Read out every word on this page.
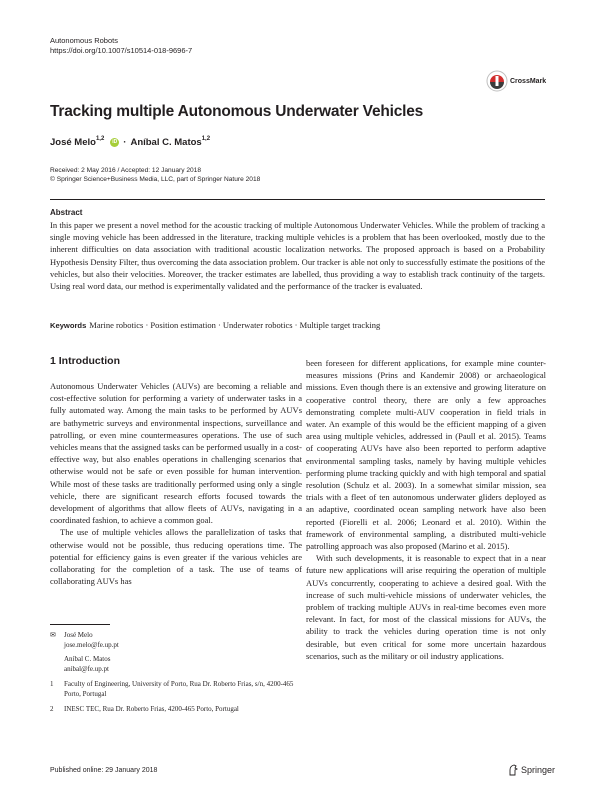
Autonomous Robots
https://doi.org/10.1007/s10514-018-9696-7
CrossMark
Tracking multiple Autonomous Underwater Vehicles
José Melo$^{1,2}$	iD · Aníbal C. Matos$^{1,2}$
Received: 2 May 2016 / Accepted: 12 January 2018
© Springer Science+Business Media, LLC, part of Springer Nature 2018
Abstract
In this paper we present a novel method for the acoustic tracking of multiple Autonomous Underwater Vehicles. While the problem of tracking a single moving vehicle has been addressed in the literature, tracking multiple vehicles is a problem that has been overlooked, mostly due to the inherent difficulties on data association with traditional acoustic localization networks. The proposed approach is based on a Probability Hypothesis Density Filter, thus overcoming the data association problem. Our tracker is able not only to successfully estimate the positions of the vehicles, but also their velocities. Moreover, the tracker estimates are labelled, thus providing a way to establish track continuity of the targets. Using real word data, our method is experimentally validated and the performance of the tracker is evaluated.
Keywords Marine robotics · Position estimation · Underwater robotics · Multiple target tracking
1 Introduction

Autonomous Underwater Vehicles (AUVs) are becoming a reliable and cost-effective solution for performing a variety of underwater tasks in a fully automated way. Among the main tasks to be performed by AUVs are bathymetric surveys and environmental inspections, surveillance and patrolling, or even mine countermeasures operations. The use of such vehicles means that the assigned tasks can be performed usually in a cost-effective way, but also enables operations in challenging scenarios that otherwise would not be safe or even possible for human intervention. While most of these tasks are traditionally performed using only a single vehicle, there are significant research efforts focused towards the development of algorithms that allow fleets of AUVs, navigating in a coordinated fashion, to achieve a common goal.

The use of multiple vehicles allows the parallelization of tasks that otherwise would not be possible, thus reducing operations time. The potential for efficiency gains is even greater if the various vehicles are collaborating for the completion of a task. The use of teams of collaborating AUVs has

been foreseen for different applications, for example mine counter-measures missions (Prins and Kandemir 2008) or archaeological missions. Even though there is an extensive and growing literature on cooperative control theory, there are only a few approaches demonstrating complete multi-AUV cooperation in field trials in water. An example of this would be the efficient mapping of a given area using multiple vehicles, addressed in (Paull et al. 2015). Teams of cooperating AUVs have also been reported to perform adaptive environmental sampling tasks, namely by having multiple vehicles performing plume tracking quickly and with high temporal and spatial resolution (Schulz et al. 2003). In a somewhat similar mission, sea trials with a fleet of ten autonomous underwater gliders deployed as an adaptive, coordinated ocean sampling network have also been reported (Fiorelli et al. 2006; Leonard et al. 2010). Within the framework of environmental sampling, a distributed multi-vehicle patrolling approach was also proposed (Marino et al. 2015).

With such developments, it is reasonable to expect that in a near future new applications will arise requiring the operation of multiple AUVs concurrently, cooperating to achieve a desired goal. With the increase of such multi-vehicle missions of underwater vehicles, the problem of tracking multiple AUVs in real-time becomes even more relevant. In fact, for most of the classical missions for AUVs, the ability to track the vehicles during operation time is not only desirable, but even critical for some more uncertain hazardous scenarios, such as the military or oil industry applications.

✉	José Melo
jose.melo@fe.up.pt
Aníbal C. Matos
anibal@fe.up.pt
1	Faculty of Engineering, University of Porto, Rua Dr. Roberto Frias, s/n, 4200-465 Porto, Portugal
2	INESC TEC, Rua Dr. Roberto Frias, 4200-465 Porto, Portugal
Published online: 29 January 2018	Springer
